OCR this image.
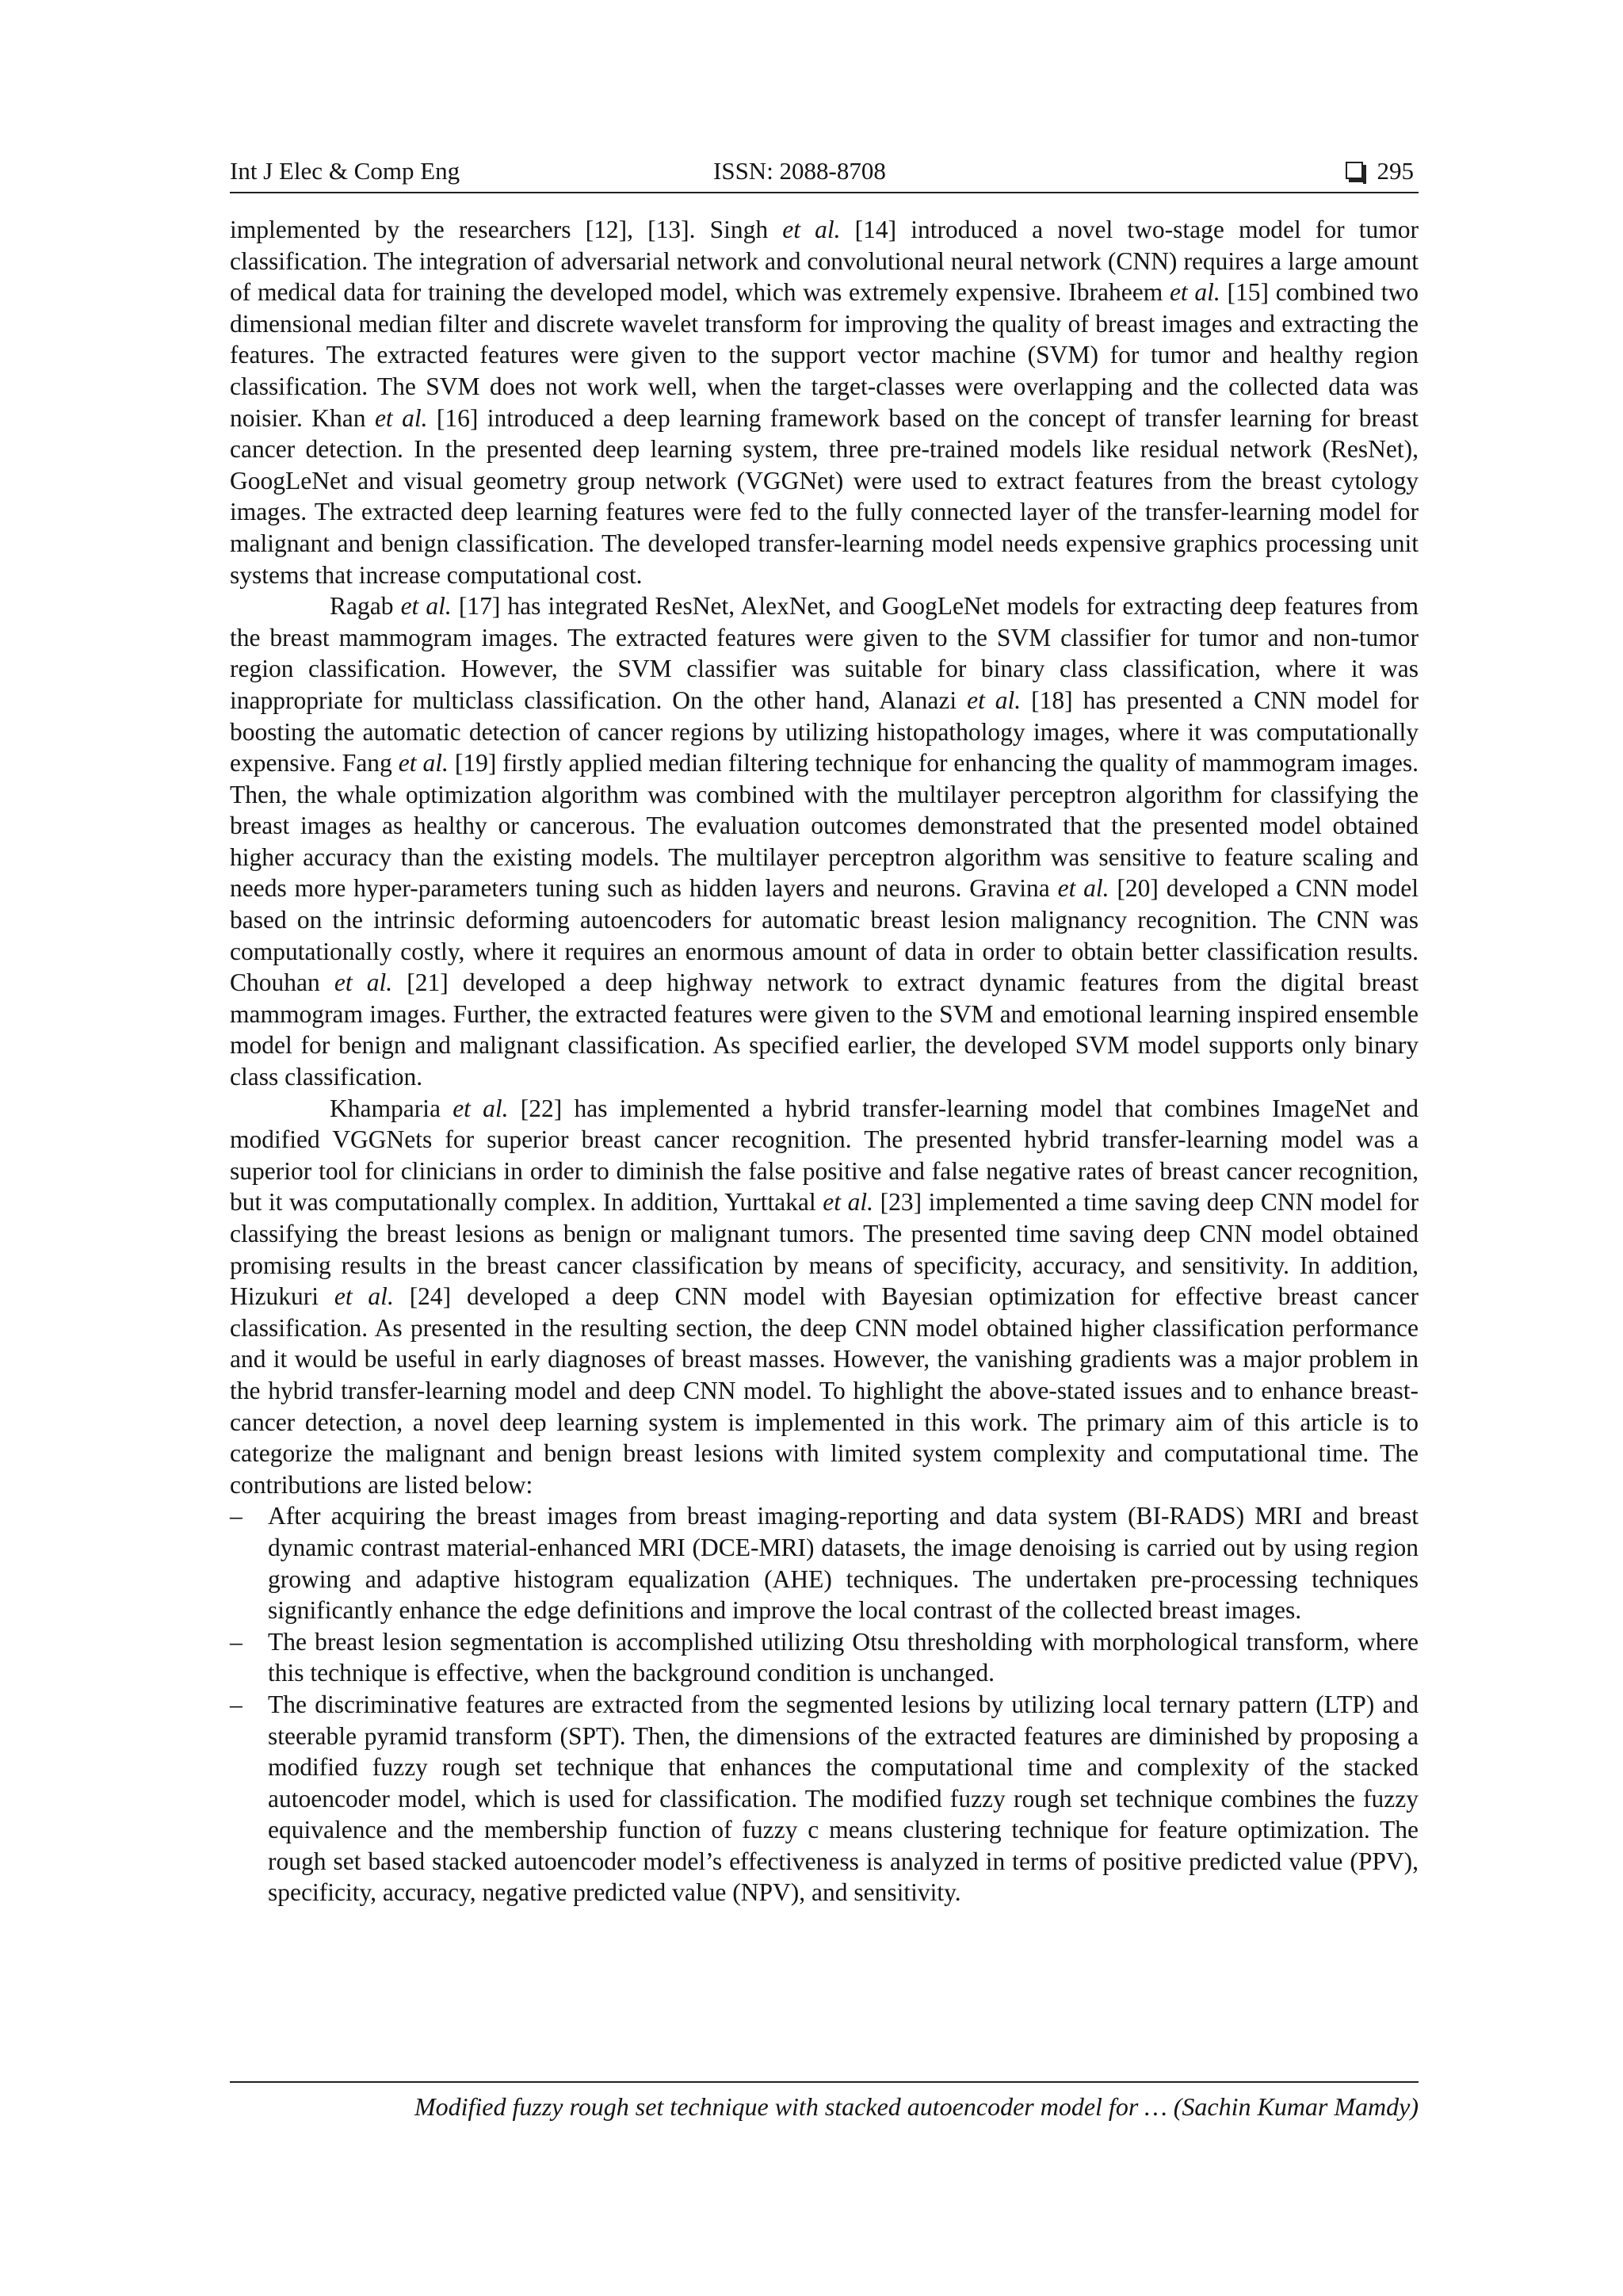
Int J Elec & Comp Eng	ISSN: 2088-8708	295

implemented by the researchers [12], [13]. Singh et al. [14] introduced a novel two-stage model for tumor classification. The integration of adversarial network and convolutional neural network (CNN) requires a large amount of medical data for training the developed model, which was extremely expensive. Ibraheem et al. [15] combined two dimensional median filter and discrete wavelet transform for improving the quality of breast images and extracting the features. The extracted features were given to the support vector machine (SVM) for tumor and healthy region classification. The SVM does not work well, when the target-classes were overlapping and the collected data was noisier. Khan et al. [16] introduced a deep learning framework based on the concept of transfer learning for breast cancer detection. In the presented deep learning system, three pre-trained models like residual network (ResNet), GoogLeNet and visual geometry group network (VGGNet) were used to extract features from the breast cytology images. The extracted deep learning features were fed to the fully connected layer of the transfer-learning model for malignant and benign classification. The developed transfer-learning model needs expensive graphics processing unit systems that increase computational cost.

Ragab et al. [17] has integrated ResNet, AlexNet, and GoogLeNet models for extracting deep features from the breast mammogram images. The extracted features were given to the SVM classifier for tumor and non-tumor region classification. However, the SVM classifier was suitable for binary class classification, where it was inappropriate for multiclass classification. On the other hand, Alanazi et al. [18] has presented a CNN model for boosting the automatic detection of cancer regions by utilizing histopathology images, where it was computationally expensive. Fang et al. [19] firstly applied median filtering technique for enhancing the quality of mammogram images. Then, the whale optimization algorithm was combined with the multilayer perceptron algorithm for classifying the breast images as healthy or cancerous. The evaluation outcomes demonstrated that the presented model obtained higher accuracy than the existing models. The multilayer perceptron algorithm was sensitive to feature scaling and needs more hyper-parameters tuning such as hidden layers and neurons. Gravina et al. [20] developed a CNN model based on the intrinsic deforming autoencoders for automatic breast lesion malignancy recognition. The CNN was computationally costly, where it requires an enormous amount of data in order to obtain better classification results. Chouhan et al. [21] developed a deep highway network to extract dynamic features from the digital breast mammogram images. Further, the extracted features were given to the SVM and emotional learning inspired ensemble model for benign and malignant classification. As specified earlier, the developed SVM model supports only binary class classification.

Khamparia et al. [22] has implemented a hybrid transfer-learning model that combines ImageNet and modified VGGNets for superior breast cancer recognition. The presented hybrid transfer-learning model was a superior tool for clinicians in order to diminish the false positive and false negative rates of breast cancer recognition, but it was computationally complex. In addition, Yurttakal et al. [23] implemented a time saving deep CNN model for classifying the breast lesions as benign or malignant tumors. The presented time saving deep CNN model obtained promising results in the breast cancer classification by means of specificity, accuracy, and sensitivity. In addition, Hizukuri et al. [24] developed a deep CNN model with Bayesian optimization for effective breast cancer classification. As presented in the resulting section, the deep CNN model obtained higher classification performance and it would be useful in early diagnoses of breast masses. However, the vanishing gradients was a major problem in the hybrid transfer-learning model and deep CNN model. To highlight the above-stated issues and to enhance breast-cancer detection, a novel deep learning system is implemented in this work. The primary aim of this article is to categorize the malignant and benign breast lesions with limited system complexity and computational time. The contributions are listed below:

– After acquiring the breast images from breast imaging-reporting and data system (BI-RADS) MRI and breast dynamic contrast material-enhanced MRI (DCE-MRI) datasets, the image denoising is carried out by using region growing and adaptive histogram equalization (AHE) techniques. The undertaken pre-processing techniques significantly enhance the edge definitions and improve the local contrast of the collected breast images.
– The breast lesion segmentation is accomplished utilizing Otsu thresholding with morphological transform, where this technique is effective, when the background condition is unchanged.
– The discriminative features are extracted from the segmented lesions by utilizing local ternary pattern (LTP) and steerable pyramid transform (SPT). Then, the dimensions of the extracted features are diminished by proposing a modified fuzzy rough set technique that enhances the computational time and complexity of the stacked autoencoder model, which is used for classification. The modified fuzzy rough set technique combines the fuzzy equivalence and the membership function of fuzzy c means clustering technique for feature optimization. The rough set based stacked autoencoder model’s effectiveness is analyzed in terms of positive predicted value (PPV), specificity, accuracy, negative predicted value (NPV), and sensitivity.
Modified fuzzy rough set technique with stacked autoencoder model for … (Sachin Kumar Mamdy)
